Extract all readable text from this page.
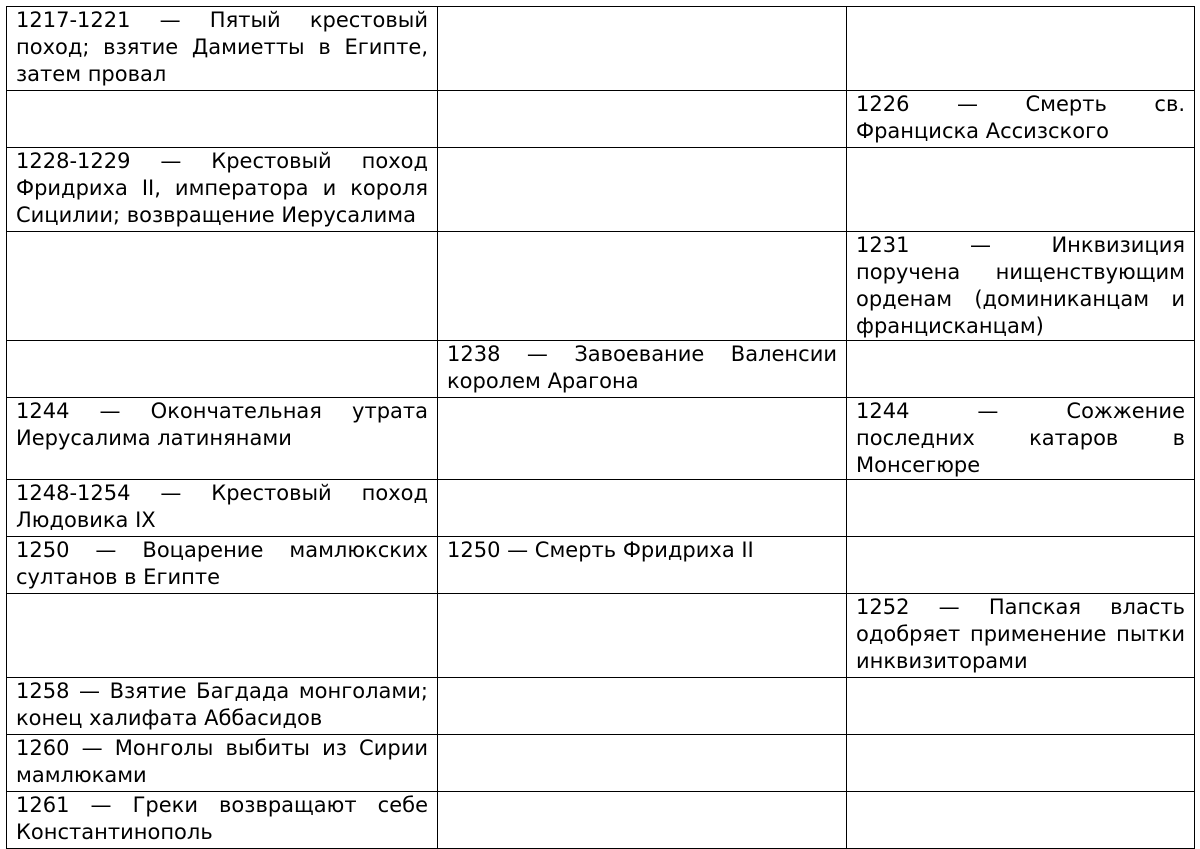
1217-1221 — Пятый крестовый поход; взятие Дамиетты в Египте, затем провал		
		1226 — Смерть св. Франциска Ассизского
1228-1229 — Крестовый поход Фридриха II, императора и короля Сицилии; возвращение Иерусалима		
		1231 — Инквизиция поручена нищенствующим орденам (доминиканцам и францисканцам)
	1238 — Завоевание Валенсии королем Арагона	
1244 — Окончательная утрата Иерусалима латинянами		1244 — Сожжение последних катаров в Монсегюре
1248-1254 — Крестовый поход Людовика IX		
1250 — Воцарение мамлюкских султанов в Египте	1250 — Смерть Фридриха II	
		1252 — Папская власть одобряет применение пытки инквизиторами
1258 — Взятие Багдада монголами; конец халифата Аббасидов		
1260 — Монголы выбиты из Сирии мамлюками		
1261 — Греки возвращают себе Константинополь		
